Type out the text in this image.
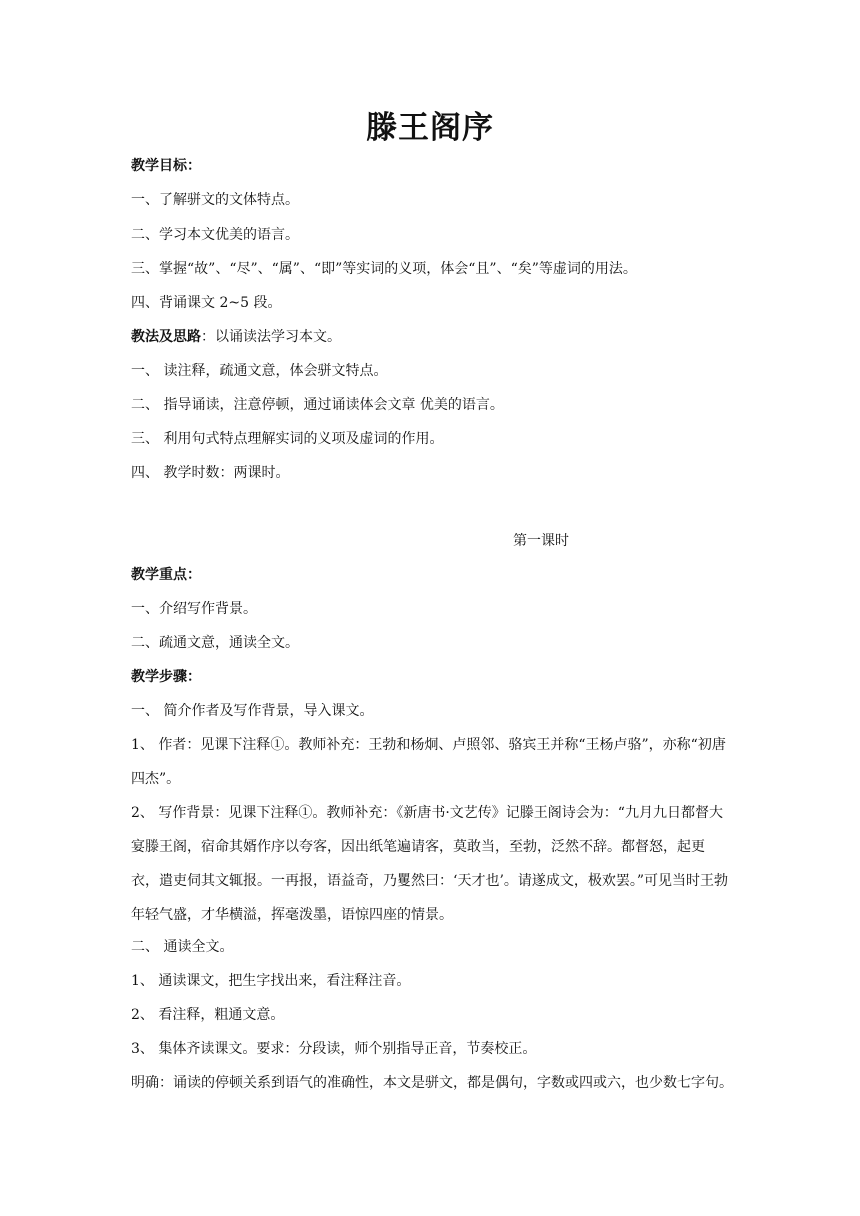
滕王阁序
教学目标：
一、了解骈文的文体特点。
二、学习本文优美的语言。
三、掌握“故”、“尽”、“属”、“即”等实词的义项，体会“且”、“矣”等虚词的用法。
四、背诵课文 2~5 段。
教法及思路：以诵读法学习本文。
一、 读注释，疏通文意，体会骈文特点。
二、 指导诵读，注意停顿，通过诵读体会文章 优美的语言。
三、 利用句式特点理解实词的义项及虚词的作用。
四、 教学时数：两课时。
第一课时
教学重点：
一、介绍写作背景。
二、疏通文意，通读全文。
教学步骤：
一、 简介作者及写作背景，导入课文。
1、 作者：见课下注释①。教师补充：王勃和杨炯、卢照邻、骆宾王并称“王杨卢骆”，亦称“初唐四杰”。
2、 写作背景：见课下注释①。教师补充：《新唐书·文艺传》记滕王阁诗会为：“九月九日都督大宴滕王阁，宿命其婿作序以夸客，因出纸笔遍请客，莫敢当，至勃，泛然不辞。都督怒，起更衣，遣吏伺其文辄报。一再报，语益奇，乃矍然曰：‘天才也’。请遂成文，极欢罢。”可见当时王勃年轻气盛，才华横溢，挥毫泼墨，语惊四座的情景。
二、 通读全文。
1、 通读课文，把生字找出来，看注释注音。
2、 看注释，粗通文意。
3、 集体齐读课文。要求：分段读，师个别指导正音，节奏校正。
明确：诵读的停顿关系到语气的准确性，本文是骈文，都是偶句，字数或四或六，也少数七字句。
